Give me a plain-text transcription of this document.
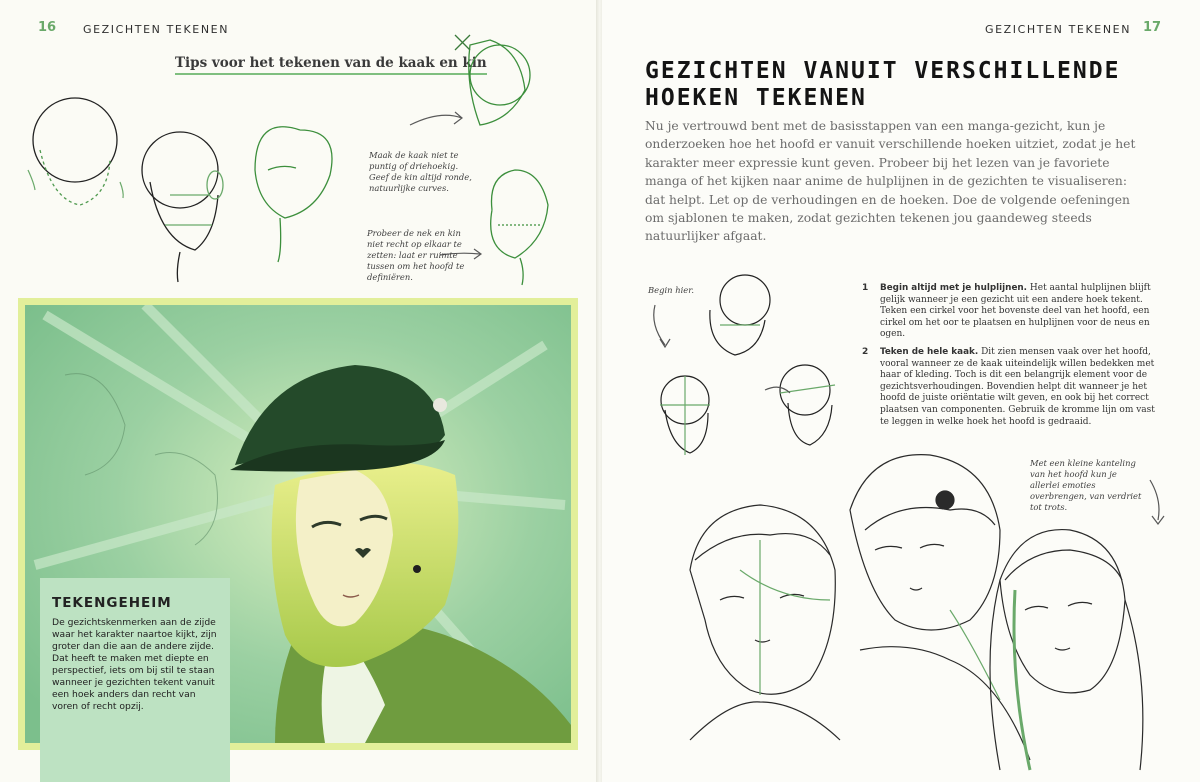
16 GEZICHTEN TEKENEN
Tips voor het tekenen van de kaak en kin
Maak de kaak niet te puntig of driehoekig. Geef de kin altijd ronde, natuurlijke curves.
Probeer de nek en kin niet recht op elkaar te zetten: laat er ruimte tussen om het hoofd te definiëren.
TEKENGEHEIM
De gezichtskenmerken aan de zijde waar het karakter naartoe kijkt, zijn groter dan die aan de andere zijde. Dat heeft te maken met diepte en perspectief, iets om bij stil te staan wanneer je gezichten tekent vanuit een hoek anders dan recht van voren of recht opzij.
GEZICHTEN TEKENEN 17
GEZICHTEN VANUIT VERSCHILLENDE
HOEKEN TEKENEN
Nu je vertrouwd bent met de basisstappen van een manga-gezicht, kun je onderzoeken hoe het hoofd er vanuit verschillende hoeken uitziet, zodat je het karakter meer expressie kunt geven. Probeer bij het lezen van je favoriete manga of het kijken naar anime de hulplijnen in de gezichten te visualiseren: dat helpt. Let op de verhoudingen en de hoeken. Doe de volgende oefeningen om sjablonen te maken, zodat gezichten tekenen jou gaandeweg steeds natuurlijker afgaat.
Begin hier.	1 Begin altijd met je hulplijnen. Het aantal hulplijnen blijft gelijk wanneer je een gezicht uit een andere hoek tekent. Teken een cirkel voor het bovenste deel van het hoofd, een cirkel om het oor te plaatsen en hulplijnen voor de neus en ogen.
2 Teken de hele kaak. Dit zien mensen vaak over het hoofd, vooral wanneer ze de kaak uiteindelijk willen bedekken met haar of kleding. Toch is dit een belangrijk element voor de gezichtsverhoudingen. Bovendien helpt dit wanneer je het hoofd de juiste oriëntatie wilt geven, en ook bij het correct plaatsen van componenten. Gebruik de kromme lijn om vast te leggen in welke hoek het hoofd is gedraaid.
Met een kleine kanteling van het hoofd kun je allerlei emoties overbrengen, van verdriet tot trots.
